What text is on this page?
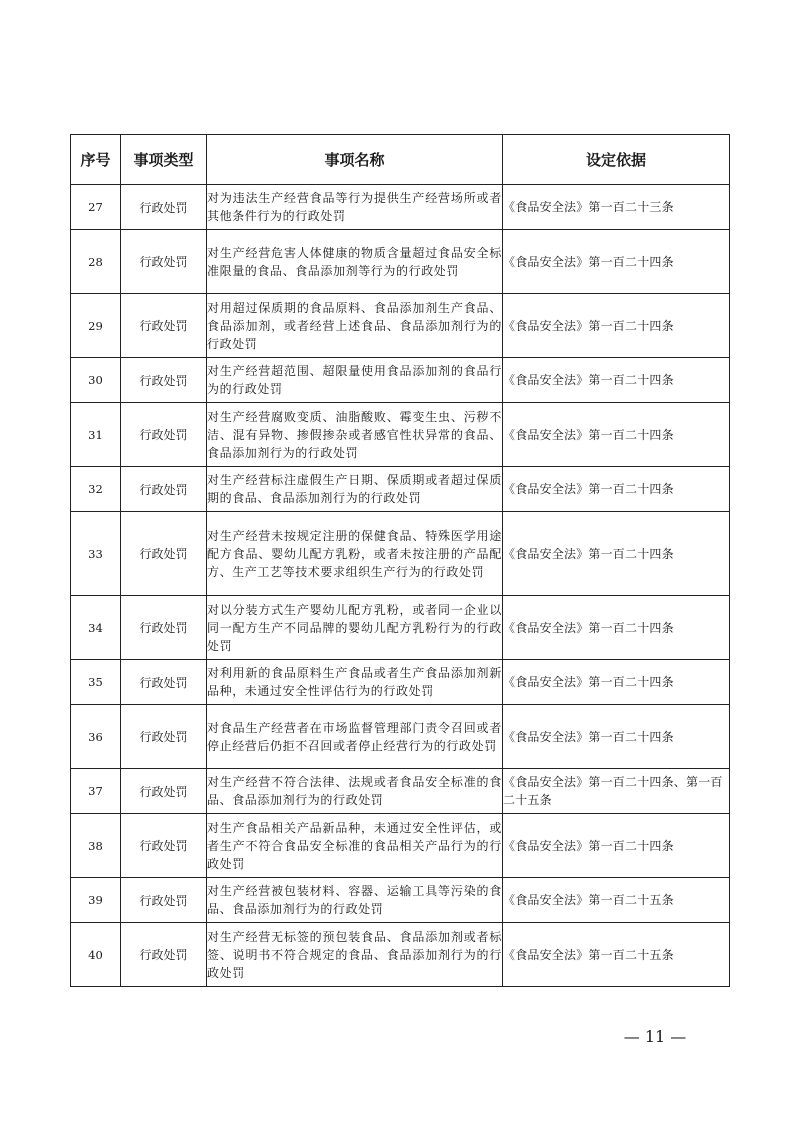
序号	事项类型	事项名称	设定依据
27	行政处罚	对为违法生产经营食品等行为提供生产经营场所或者其他条件行为的行政处罚	《食品安全法》第一百二十三条
28	行政处罚	对生产经营危害人体健康的物质含量超过食品安全标准限量的食品、食品添加剂等行为的行政处罚	《食品安全法》第一百二十四条
29	行政处罚	对用超过保质期的食品原料、食品添加剂生产食品、食品添加剂，或者经营上述食品、食品添加剂行为的行政处罚	《食品安全法》第一百二十四条
30	行政处罚	对生产经营超范围、超限量使用食品添加剂的食品行为的行政处罚	《食品安全法》第一百二十四条
31	行政处罚	对生产经营腐败变质、油脂酸败、霉变生虫、污秽不洁、混有异物、掺假掺杂或者感官性状异常的食品、食品添加剂行为的行政处罚	《食品安全法》第一百二十四条
32	行政处罚	对生产经营标注虚假生产日期、保质期或者超过保质期的食品、食品添加剂行为的行政处罚	《食品安全法》第一百二十四条
33	行政处罚	对生产经营未按规定注册的保健食品、特殊医学用途配方食品、婴幼儿配方乳粉，或者未按注册的产品配方、生产工艺等技术要求组织生产行为的行政处罚	《食品安全法》第一百二十四条
34	行政处罚	对以分装方式生产婴幼儿配方乳粉，或者同一企业以同一配方生产不同品牌的婴幼儿配方乳粉行为的行政处罚	《食品安全法》第一百二十四条
35	行政处罚	对利用新的食品原料生产食品或者生产食品添加剂新品种，未通过安全性评估行为的行政处罚	《食品安全法》第一百二十四条
36	行政处罚	对食品生产经营者在市场监督管理部门责令召回或者停止经营后仍拒不召回或者停止经营行为的行政处罚	《食品安全法》第一百二十四条
37	行政处罚	对生产经营不符合法律、法规或者食品安全标准的食品、食品添加剂行为的行政处罚	《食品安全法》第一百二十四条、第一百二十五条
38	行政处罚	对生产食品相关产品新品种，未通过安全性评估，或者生产不符合食品安全标准的食品相关产品行为的行政处罚	《食品安全法》第一百二十四条
39	行政处罚	对生产经营被包装材料、容器、运输工具等污染的食品、食品添加剂行为的行政处罚	《食品安全法》第一百二十五条
40	行政处罚	对生产经营无标签的预包装食品、食品添加剂或者标签、说明书不符合规定的食品、食品添加剂行为的行政处罚	《食品安全法》第一百二十五条
— 11 —
